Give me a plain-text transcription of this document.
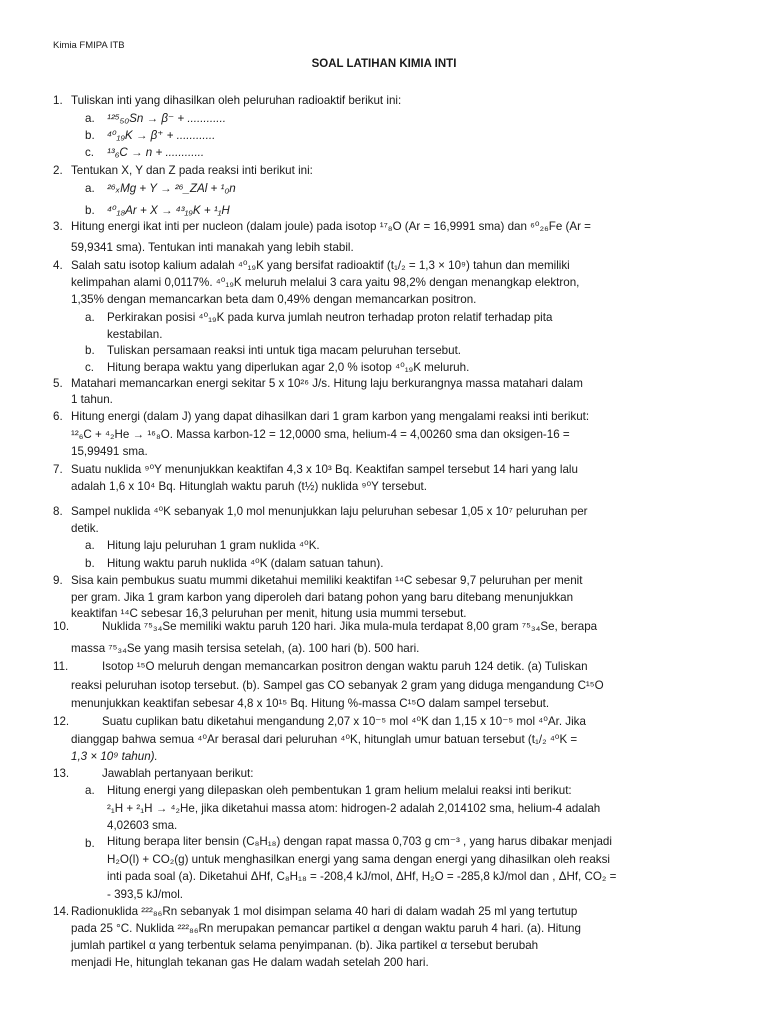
Kimia FMIPA ITB
SOAL LATIHAN KIMIA INTI
1. Tuliskan inti yang dihasilkan oleh peluruhan radioaktif berikut ini:
a. ¹²⁵₅₀Sn → β⁻ + ............
b. ⁴⁰₁₉K → β⁺ + ............
c. ¹³₆C → n + ............
2. Tentukan X, Y dan Z pada reaksi inti berikut ini:
a. ²⁶ₓMg + Y → ²⁶_ZAl + ¹₀n
b. ⁴⁰₁₈Ar + X → ⁴³₁₉K + ¹₁H
3. Hitung energi ikat inti per nucleon (dalam joule) pada isotop ¹⁷₈O (Ar = 16,9991 sma) dan ⁶⁰₂₆Fe (Ar =
59,9341 sma). Tentukan inti manakah yang lebih stabil.
4. Salah satu isotop kalium adalah ⁴⁰₁₉K yang bersifat radioaktif (t₁/₂ = 1,3 × 10⁹) tahun dan memiliki
kelimpahan alami 0,0117%. ⁴⁰₁₉K meluruh melalui 3 cara yaitu 98,2% dengan menangkap elektron,
1,35% dengan memancarkan beta dam 0,49% dengan memancarkan positron.
a. Perkirakan posisi ⁴⁰₁₉K pada kurva jumlah neutron terhadap proton relatif terhadap pita
kestabilan.
b. Tuliskan persamaan reaksi inti untuk tiga macam peluruhan tersebut.
c. Hitung berapa waktu yang diperlukan agar 2,0 % isotop ⁴⁰₁₉K meluruh.
5. Matahari memancarkan energi sekitar 5 x 10²⁶ J/s. Hitung laju berkurangnya massa matahari dalam
1 tahun.
6. Hitung energi (dalam J) yang dapat dihasilkan dari 1 gram karbon yang mengalami reaksi inti berikut:
¹²₆C + ⁴₂He → ¹⁶₈O. Massa karbon-12 = 12,0000 sma, helium-4 = 4,00260 sma dan oksigen-16 =
15,99491 sma.
7. Suatu nuklida ⁹⁰Y menunjukkan keaktifan 4,3 x 10³ Bq. Keaktifan sampel tersebut 14 hari yang lalu
adalah 1,6 x 10⁴ Bq. Hitunglah waktu paruh (t½) nuklida ⁹⁰Y tersebut.
8. Sampel nuklida ⁴⁰K sebanyak 1,0 mol menunjukkan laju peluruhan sebesar 1,05 x 10⁷ peluruhan per
detik.
a. Hitung laju peluruhan 1 gram nuklida ⁴⁰K.
b. Hitung waktu paruh nuklida ⁴⁰K (dalam satuan tahun).
9. Sisa kain pembukus suatu mummi diketahui memiliki keaktifan ¹⁴C sebesar 9,7 peluruhan per menit
per gram. Jika 1 gram karbon yang diperoleh dari batang pohon yang baru ditebang menunjukkan
keaktifan ¹⁴C sebesar 16,3 peluruhan per menit, hitung usia mummi tersebut.
10.	Nuklida ⁷⁵₃₄Se memiliki waktu paruh 120 hari. Jika mula-mula terdapat 8,00 gram ⁷⁵₃₄Se, berapa
massa ⁷⁵₃₄Se yang masih tersisa setelah, (a). 100 hari (b). 500 hari.
11.	Isotop ¹⁵O meluruh dengan memancarkan positron dengan waktu paruh 124 detik. (a) Tuliskan
reaksi peluruhan isotop tersebut. (b). Sampel gas CO sebanyak 2 gram yang diduga mengandung C¹⁵O
menunjukkan keaktifan sebesar 4,8 x 10¹⁵ Bq. Hitung %-massa C¹⁵O dalam sampel tersebut.
12.	Suatu cuplikan batu diketahui mengandung 2,07 x 10⁻⁵ mol ⁴⁰K dan 1,15 x 10⁻⁵ mol ⁴⁰Ar. Jika
dianggap bahwa semua ⁴⁰Ar berasal dari peluruhan ⁴⁰K, hitunglah umur batuan tersebut (t₁/₂ ⁴⁰K =
1,3 × 10⁹ tahun).
13.	Jawablah pertanyaan berikut:
a. Hitung energi yang dilepaskan oleh pembentukan 1 gram helium melalui reaksi inti berikut:
²₁H + ²₁H → ⁴₂He, jika diketahui massa atom: hidrogen-2 adalah 2,014102 sma, helium-4 adalah
4,02603 sma.
b. Hitung berapa liter bensin (C₈H₁₈) dengan rapat massa 0,703 g cm⁻³ , yang harus dibakar menjadi
H₂O(l) + CO₂(g) untuk menghasilkan energi yang sama dengan energi yang dihasilkan oleh reaksi
inti pada soal (a). Diketahui ΔHf, C₈H₁₈ = -208,4 kJ/mol, ΔHf, H₂O = -285,8 kJ/mol dan , ΔHf, CO₂ =
- 393,5 kJ/mol.
14. Radionuklida ²²²₈₆Rn sebanyak 1 mol disimpan selama 40 hari di dalam wadah 25 ml yang tertutup
pada 25 °C. Nuklida ²²²₈₆Rn merupakan pemancar partikel α dengan waktu paruh 4 hari. (a). Hitung
jumlah partikel α yang terbentuk selama penyimpanan. (b). Jika partikel α tersebut berubah
menjadi He, hitunglah tekanan gas He dalam wadah setelah 200 hari.
